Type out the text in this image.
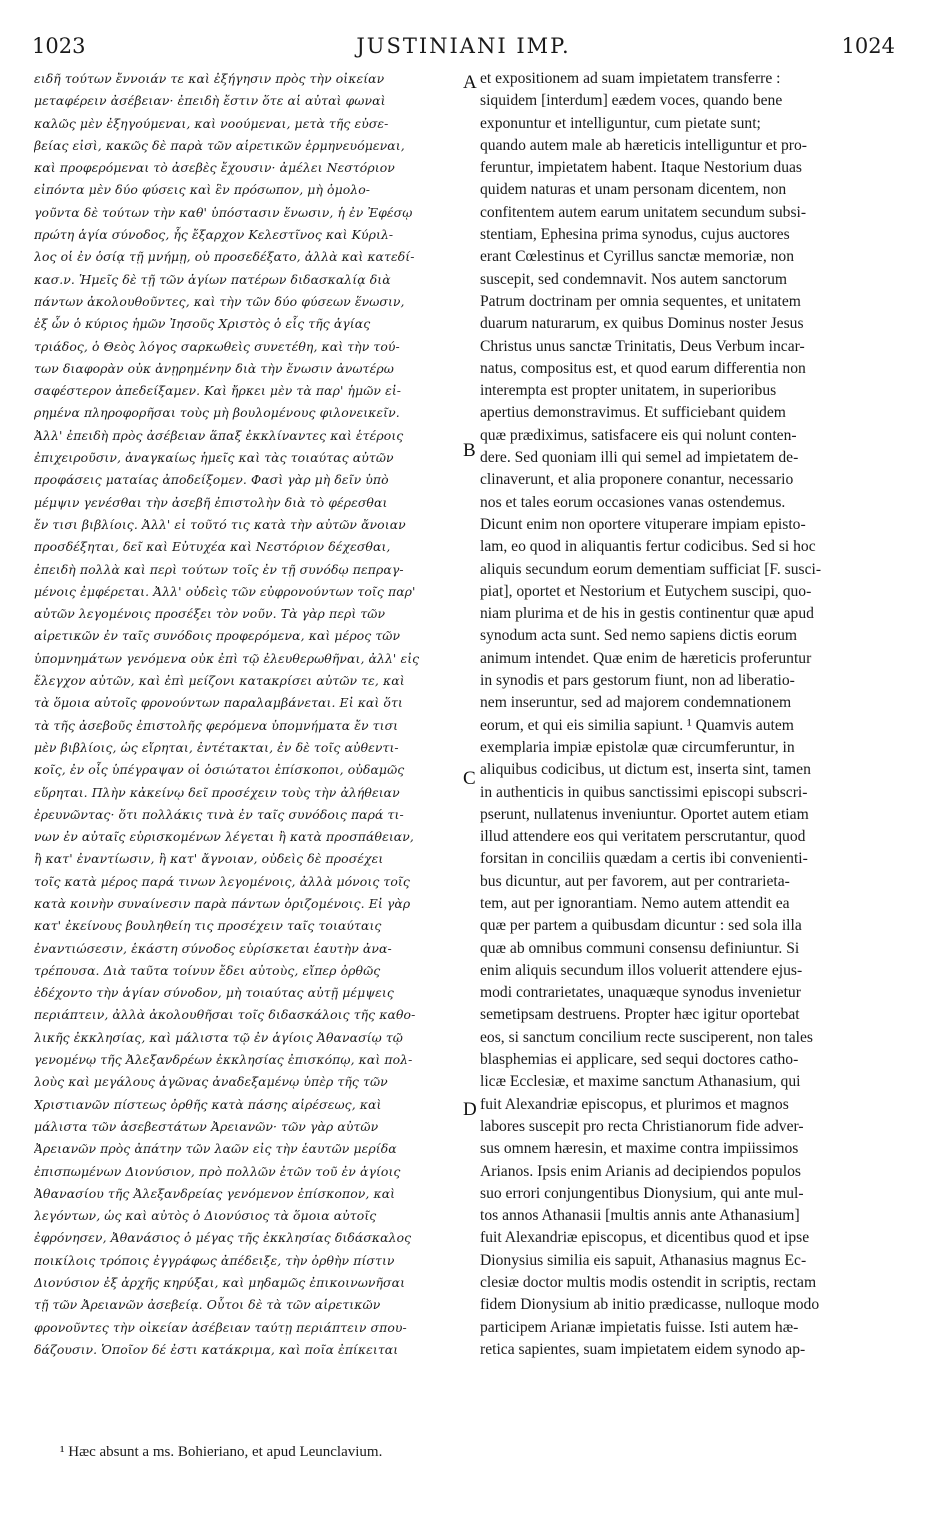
1023	JUSTINIANI IMP.	1024
ειδῆ τούτων ἔννοιάν τε καὶ ἐξήγησιν πρὸς τὴν οἰκείαν
μεταφέρειν ἀσέβειαν· ἐπειδὴ ἔστιν ὅτε αἱ αὐταὶ φωναὶ
καλῶς μὲν ἐξηγούμεναι, καὶ νοούμεναι, μετὰ τῆς εὐσε-
βείας εἰσὶ, κακῶς δὲ παρὰ τῶν αἱρετικῶν ἑρμηνευόμεναι,
καὶ προφερόμεναι τὸ ἀσεβὲς ἔχουσιν· ἀμέλει Νεστόριον
εἰπόντα μὲν δύο φύσεις καὶ ἓν πρόσωπον, μὴ ὁμολο-
γοῦντα δὲ τούτων τὴν καθ' ὑπόστασιν ἕνωσιν, ἡ ἐν Ἐφέσῳ
πρώτη ἁγία σύνοδος, ἧς ἔξαρχον Κελεστῖνος καὶ Κύριλ-
λος οἱ ἐν ὁσίᾳ τῇ μνήμῃ, οὐ προσεδέξατο, ἀλλὰ καὶ κατεδί-
κασ.ν. Ἡμεῖς δὲ τῇ τῶν ἁγίων πατέρων διδασκαλίᾳ διὰ
πάντων ἀκολουθοῦντες, καὶ τὴν τῶν δύο φύσεων ἕνωσιν,
ἐξ ὧν ὁ κύριος ἡμῶν Ἰησοῦς Χριστὸς ὁ εἷς τῆς ἁγίας
τριάδος, ὁ Θεὸς λόγος σαρκωθεὶς συνετέθη, καὶ τὴν τού-
των διαφορὰν οὐκ ἀνῃρημένην διὰ τὴν ἕνωσιν ἀνωτέρω
σαφέστερον ἀπεδείξαμεν. Καὶ ἤρκει μὲν τὰ παρ' ἡμῶν εἰ-
ρημένα πληροφορῆσαι τοὺς μὴ βουλομένους φιλονεικεῖν.
Ἀλλ' ἐπειδὴ πρὸς ἀσέβειαν ἅπαξ ἐκκλίναντες καὶ ἑτέροις
ἐπιχειροῦσιν, ἀναγκαίως ἡμεῖς καὶ τὰς τοιαύτας αὐτῶν
προφάσεις ματαίας ἀποδείξομεν. Φασὶ γὰρ μὴ δεῖν ὑπὸ
μέμψιν γενέσθαι τὴν ἀσεβῆ ἐπιστολὴν διὰ τὸ φέρεσθαι
ἔν τισι βιβλίοις. Ἀλλ' εἰ τοῦτό τις κατὰ τὴν αὐτῶν ἄνοιαν
προσδέξηται, δεῖ καὶ Εὐτυχέα καὶ Νεστόριον δέχεσθαι,
ἐπειδὴ πολλὰ καὶ περὶ τούτων τοῖς ἐν τῇ συνόδῳ πεπραγ-
μένοις ἐμφέρεται. Ἀλλ' οὐδεὶς τῶν εὐφρονούντων τοῖς παρ'
αὐτῶν λεγομένοις προσέξει τὸν νοῦν. Τὰ γὰρ περὶ τῶν
αἱρετικῶν ἐν ταῖς συνόδοις προφερόμενα, καὶ μέρος τῶν
ὑπομνημάτων γενόμενα οὐκ ἐπὶ τῷ ἐλευθερωθῆναι, ἀλλ' εἰς
ἔλεγχον αὐτῶν, καὶ ἐπὶ μείζονι κατακρίσει αὐτῶν τε, καὶ
τὰ ὅμοια αὐτοῖς φρονούντων παραλαμβάνεται. Εἰ καὶ ὅτι
τὰ τῆς ἀσεβοῦς ἐπιστολῆς φερόμενα ὑπομνήματα ἔν τισι
μὲν βιβλίοις, ὡς εἴρηται, ἐντέτακται, ἐν δὲ τοῖς αὐθεντι-
κοῖς, ἐν οἷς ὑπέγραψαν οἱ ὁσιώτατοι ἐπίσκοποι, οὐδαμῶς
εὕρηται. Πλὴν κἀκείνῳ δεῖ προσέχειν τοὺς τὴν ἀλήθειαν
ἐρευνῶντας· ὅτι πολλάκις τινὰ ἐν ταῖς συνόδοις παρά τι-
νων ἐν αὐταῖς εὑρισκομένων λέγεται ἢ κατὰ προσπάθειαν,
ἢ κατ' ἐναντίωσιν, ἢ κατ' ἄγνοιαν, οὐδεὶς δὲ προσέχει
τοῖς κατὰ μέρος παρά τινων λεγομένοις, ἀλλὰ μόνοις τοῖς
κατὰ κοινὴν συναίνεσιν παρὰ πάντων ὁριζομένοις. Εἰ γὰρ
κατ' ἐκείνους βουληθείη τις προσέχειν ταῖς τοιαύταις
ἐναντιώσεσιν, ἑκάστη σύνοδος εὑρίσκεται ἑαυτὴν ἀνα-
τρέπουσα. Διὰ ταῦτα τοίνυν ἔδει αὐτοὺς, εἴπερ ὀρθῶς
ἐδέχοντο τὴν ἁγίαν σύνοδον, μὴ τοιαύτας αὐτῇ μέμψεις
περιάπτειν, ἀλλὰ ἀκολουθῆσαι τοῖς διδασκάλοις τῆς καθο-
λικῆς ἐκκλησίας, καὶ μάλιστα τῷ ἐν ἁγίοις Ἀθανασίῳ τῷ
γενομένῳ τῆς Ἀλεξανδρέων ἐκκλησίας ἐπισκόπῳ, καὶ πολ-
λοὺς καὶ μεγάλους ἀγῶνας ἀναδεξαμένῳ ὑπὲρ τῆς τῶν
Χριστιανῶν πίστεως ὀρθῆς κατὰ πάσης αἱρέσεως, καὶ
μάλιστα τῶν ἀσεβεστάτων Ἀρειανῶν· τῶν γὰρ αὐτῶν
Ἀρειανῶν πρὸς ἀπάτην τῶν λαῶν εἰς τὴν ἑαυτῶν μερίδα
ἐπισπωμένων Διονύσιον, πρὸ πολλῶν ἐτῶν τοῦ ἐν ἁγίοις
Ἀθανασίου τῆς Ἀλεξανδρείας γενόμενον ἐπίσκοπον, καὶ
λεγόντων, ὡς καὶ αὐτὸς ὁ Διονύσιος τὰ ὅμοια αὐτοῖς
ἐφρόνησεν, Ἀθανάσιος ὁ μέγας τῆς ἐκκλησίας διδάσκαλος
ποικίλοις τρόποις ἐγγράφως ἀπέδειξε, τὴν ὀρθὴν πίστιν
Διονύσιον ἐξ ἀρχῆς κηρύξαι, καὶ μηδαμῶς ἐπικοινωνῆσαι
τῇ τῶν Ἀρειανῶν ἀσεβείᾳ. Οὗτοι δὲ τὰ τῶν αἱρετικῶν
φρονοῦντες τὴν οἰκείαν ἀσέβειαν ταύτῃ περιάπτειν σπου-
δάζουσιν. Ὁποῖον δέ ἐστι κατάκριμα, καὶ ποῖα ἐπίκειται
et expositionem ad suam impietatem transferre :
siquidem [interdum] eædem voces, quando bene
exponuntur et intelliguntur, cum pietate sunt;
quando autem male ab hæreticis intelliguntur et pro-
feruntur, impietatem habent. Itaque Nestorium duas
quidem naturas et unam personam dicentem, non
confitentem autem earum unitatem secundum subsi-
stentiam, Ephesina prima synodus, cujus auctores
erant Cœlestinus et Cyrillus sanctæ memoriæ, non
suscepit, sed condemnavit. Nos autem sanctorum
Patrum doctrinam per omnia sequentes, et unitatem
duarum naturarum, ex quibus Dominus noster Jesus
Christus unus sanctæ Trinitatis, Deus Verbum incar-
natus, compositus est, et quod earum differentia non
interempta est propter unitatem, in superioribus
apertius demonstravimus. Et sufficiebant quidem
quæ prædiximus, satisfacere eis qui nolunt conten-
dere. Sed quoniam illi qui semel ad impietatem de-
clinaverunt, et alia proponere conantur, necessario
nos et tales eorum occasiones vanas ostendemus.
Dicunt enim non oportere vituperare impiam episto-
lam, eo quod in aliquantis fertur codicibus. Sed si hoc
aliquis secundum eorum dementiam sufficiat [F. susci-
piat], oportet et Nestorium et Eutychem suscipi, quo-
niam plurima et de his in gestis continentur quæ apud
synodum acta sunt. Sed nemo sapiens dictis eorum
animum intendet. Quæ enim de hæreticis proferuntur
in synodis et pars gestorum fiunt, non ad liberatio-
nem inseruntur, sed ad majorem condemnationem
eorum, et qui eis similia sapiunt. ¹ Quamvis autem
exemplaria impiæ epistolæ quæ circumferuntur, in
aliquibus codicibus, ut dictum est, inserta sint, tamen
in authenticis in quibus sanctissimi episcopi subscri-
pserunt, nullatenus inveniuntur. Oportet autem etiam
illud attendere eos qui veritatem perscrutantur, quod
forsitan in conciliis quædam a certis ibi convenienti-
bus dicuntur, aut per favorem, aut per contrarieta-
tem, aut per ignorantiam. Nemo autem attendit ea
quæ per partem a quibusdam dicuntur : sed sola illa
quæ ab omnibus communi consensu definiuntur. Si
enim aliquis secundum illos voluerit attendere ejus-
modi contrarietates, unaquæque synodus invenietur
semetipsam destruens. Propter hæc igitur oportebat
eos, si sanctum concilium recte susciperent, non tales
blasphemias ei applicare, sed sequi doctores catho-
licæ Ecclesiæ, et maxime sanctum Athanasium, qui
fuit Alexandriæ episcopus, et plurimos et magnos
labores suscepit pro recta Christianorum fide adver-
sus omnem hæresin, et maxime contra impiissimos
Arianos. Ipsis enim Arianis ad decipiendos populos
suo errori conjungentibus Dionysium, qui ante mul-
tos annos Athanasii [multis annis ante Athanasium]
fuit Alexandriæ episcopus, et dicentibus quod et ipse
Dionysius similia eis sapuit, Athanasius magnus Ec-
clesiæ doctor multis modis ostendit in scriptis, rectam
fidem Dionysium ab initio prædicasse, nulloque modo
participem Arianæ impietatis fuisse. Isti autem hæ-
retica sapientes, suam impietatem eidem synodo ap-
A
B
C
D
¹ Hæc absunt a ms. Bohieriano, et apud Leunclavium.
